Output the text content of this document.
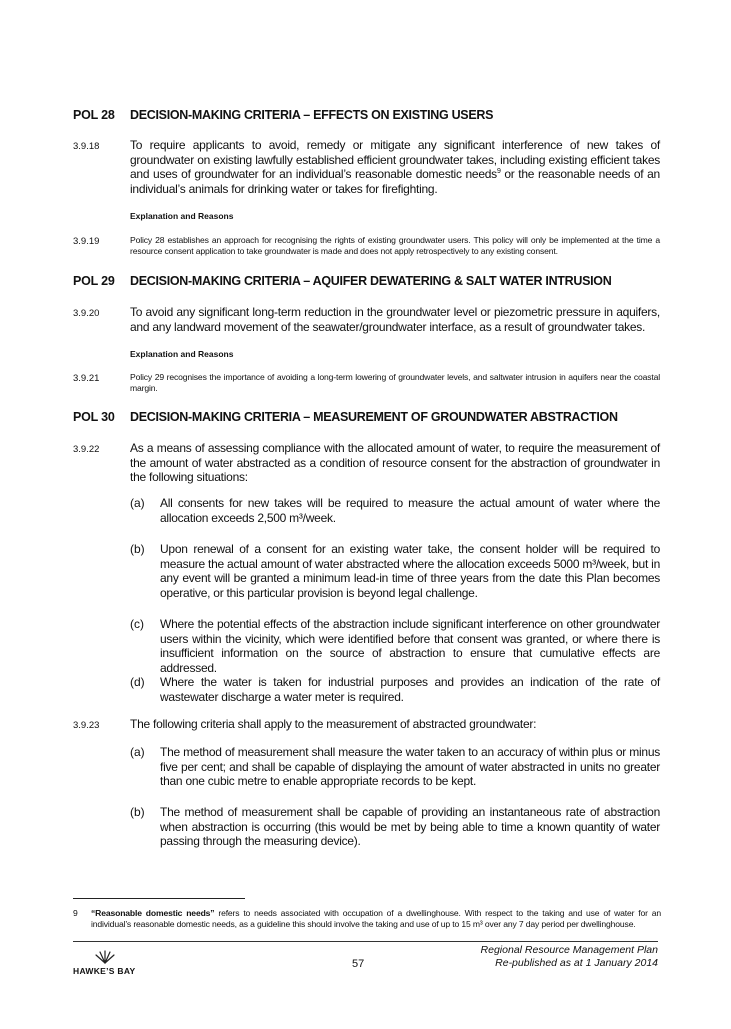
POL 28 DECISION-MAKING CRITERIA – EFFECTS ON EXISTING USERS
3.9.18	To require applicants to avoid, remedy or mitigate any significant interference of new takes of groundwater on existing lawfully established efficient groundwater takes, including existing efficient takes and uses of groundwater for an individual’s reasonable domestic needs$^9$ or the reasonable needs of an individual’s animals for drinking water or takes for firefighting.
Explanation and Reasons
3.9.19	Policy 28 establishes an approach for recognising the rights of existing groundwater users. This policy will only be implemented at the time a resource consent application to take groundwater is made and does not apply retrospectively to any existing consent.
POL 29 DECISION-MAKING CRITERIA – AQUIFER DEWATERING & SALT WATER INTRUSION
3.9.20	To avoid any significant long-term reduction in the groundwater level or piezometric pressure in aquifers, and any landward movement of the seawater/groundwater interface, as a result of groundwater takes.
Explanation and Reasons
3.9.21	Policy 29 recognises the importance of avoiding a long-term lowering of groundwater levels, and saltwater intrusion in aquifers near the coastal margin.
POL 30 DECISION-MAKING CRITERIA – MEASUREMENT OF GROUNDWATER ABSTRACTION
3.9.22	As a means of assessing compliance with the allocated amount of water, to require the measurement of the amount of water abstracted as a condition of resource consent for the abstraction of groundwater in the following situations:
(a) All consents for new takes will be required to measure the actual amount of water where the allocation exceeds 2,500 m³/week.
(b) Upon renewal of a consent for an existing water take, the consent holder will be required to measure the actual amount of water abstracted where the allocation exceeds 5000 m³/week, but in any event will be granted a minimum lead-in time of three years from the date this Plan becomes operative, or this particular provision is beyond legal challenge.
(c) Where the potential effects of the abstraction include significant interference on other groundwater users within the vicinity, which were identified before that consent was granted, or where there is insufficient information on the source of abstraction to ensure that cumulative effects are addressed.
(d) Where the water is taken for industrial purposes and provides an indication of the rate of wastewater discharge a water meter is required.
3.9.23	The following criteria shall apply to the measurement of abstracted groundwater:
(a) The method of measurement shall measure the water taken to an accuracy of within plus or minus five per cent; and shall be capable of displaying the amount of water abstracted in units no greater than one cubic metre to enable appropriate records to be kept.
(b) The method of measurement shall be capable of providing an instantaneous rate of abstraction when abstraction is occurring (this would be met by being able to time a known quantity of water passing through the measuring device).
9	“Reasonable domestic needs” refers to needs associated with occupation of a dwellinghouse. With respect to the taking and use of water for an individual’s reasonable domestic needs, as a guideline this should involve the taking and use of up to 15 m³ over any 7 day period per dwellinghouse.
HAWKE’S BAY
57
Regional Resource Management Plan
Re-published as at 1 January 2014
